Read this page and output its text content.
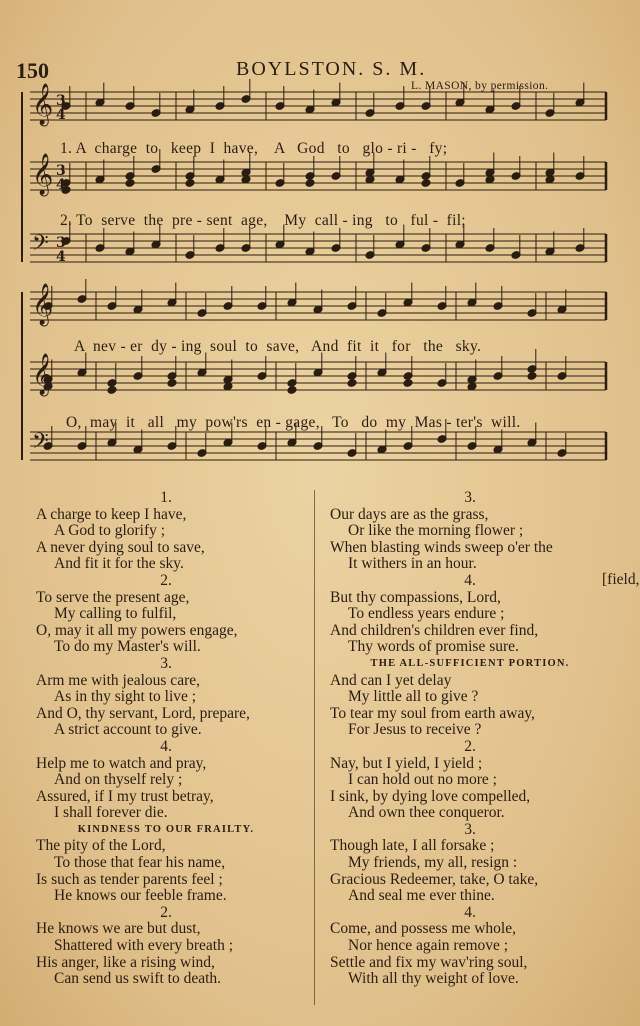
150	BOYLSTON. S. M.
L. MASON, by permission.
𝄞 3
4
𝄞 3
4
𝄢 3
4
𝄞
𝄞
𝄢
1. A  charge  to   keep  I  have,    A   God   to   glo - ri -   fy;
2. To  serve  the  pre - sent  age,    My  call - ing   to   ful -  fil;
A  nev - er  dy - ing  soul  to  save,   And  fit  it   for   the   sky.
O,  may  it   all   my  pow'rs  en - gage,   To   do  my  Mas - ter's  will.
1.
A charge to keep I have,
A God to glorify ;
A never dying soul to save,
And fit it for the sky.
2.
To serve the present age,
My calling to fulfil,
O, may it all my powers engage,
To do my Master's will.
3.
Arm me with jealous care,
As in thy sight to live ;
And O, thy servant, Lord, prepare,
A strict account to give.
4.
Help me to watch and pray,
And on thyself rely ;
Assured, if I my trust betray,
I shall forever die.
KINDNESS TO OUR FRAILTY.
The pity of the Lord,
To those that fear his name,
Is such as tender parents feel ;
He knows our feeble frame.
2.
He knows we are but dust,
Shattered with every breath ;
His anger, like a rising wind,
Can send us swift to death.
3.
Our days are as the grass,
Or like the morning flower ;
When blasting winds sweep o'er the
It withers in an hour.
4.
But thy compassions, Lord,
To endless years endure ;
And children's children ever find,
Thy words of promise sure.
THE ALL-SUFFICIENT PORTION.
And can I yet delay
My little all to give ?
To tear my soul from earth away,
For Jesus to receive ?
2.
Nay, but I yield, I yield ;
I can hold out no more ;
I sink, by dying love compelled,
And own thee conqueror.
3.
Though late, I all forsake ;
My friends, my all, resign :
Gracious Redeemer, take, O take,
And seal me ever thine.
4.
Come, and possess me whole,
Nor hence again remove ;
Settle and fix my wav'ring soul,
With all thy weight of love.
[field,
